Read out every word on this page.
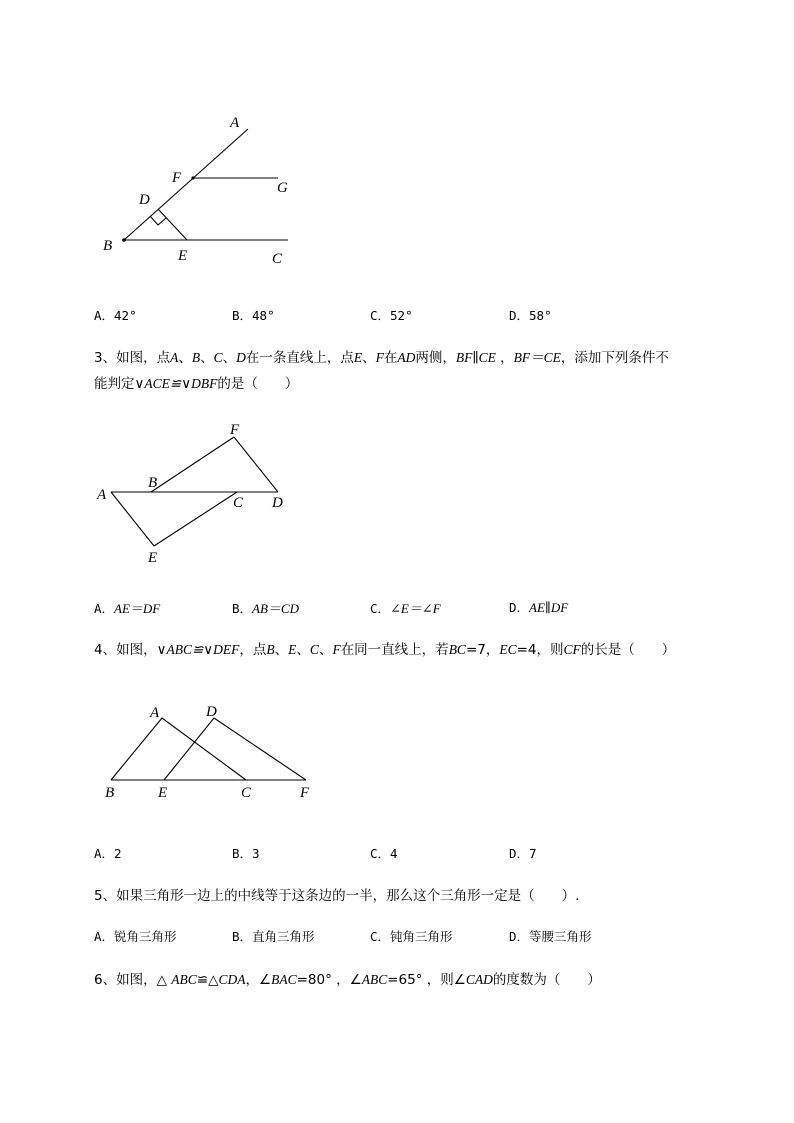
A
F
G
D
B
E	C
A．42°	B．48°	C．52°	D．58°
3、如图，点A、B、C、D在一条直线上，点E、F在AD两侧，BF∥CE ，BF＝CE，添加下列条件不
能判定∨ACE≌∨DBF的是（　　）
F
B
A	C D
E
A．AE＝DF	B．AB＝CD	C．∠E＝∠F	D．AE∥DF
4、如图，∨ABC≌∨DEF，点B、E、C、F在同一直线上，若BC=7，EC=4，则CF的长是（　　）
A	D
B	E	C	F
A．2	B．3	C．4	D．7
5、如果三角形一边上的中线等于这条边的一半，那么这个三角形一定是（　　）.
A．锐角三角形	B．直角三角形	C．钝角三角形	D．等腰三角形
6、如图，△ ABC≌△CDA，∠BAC=80° ，∠ABC=65° ，则∠CAD的度数为（　　）
